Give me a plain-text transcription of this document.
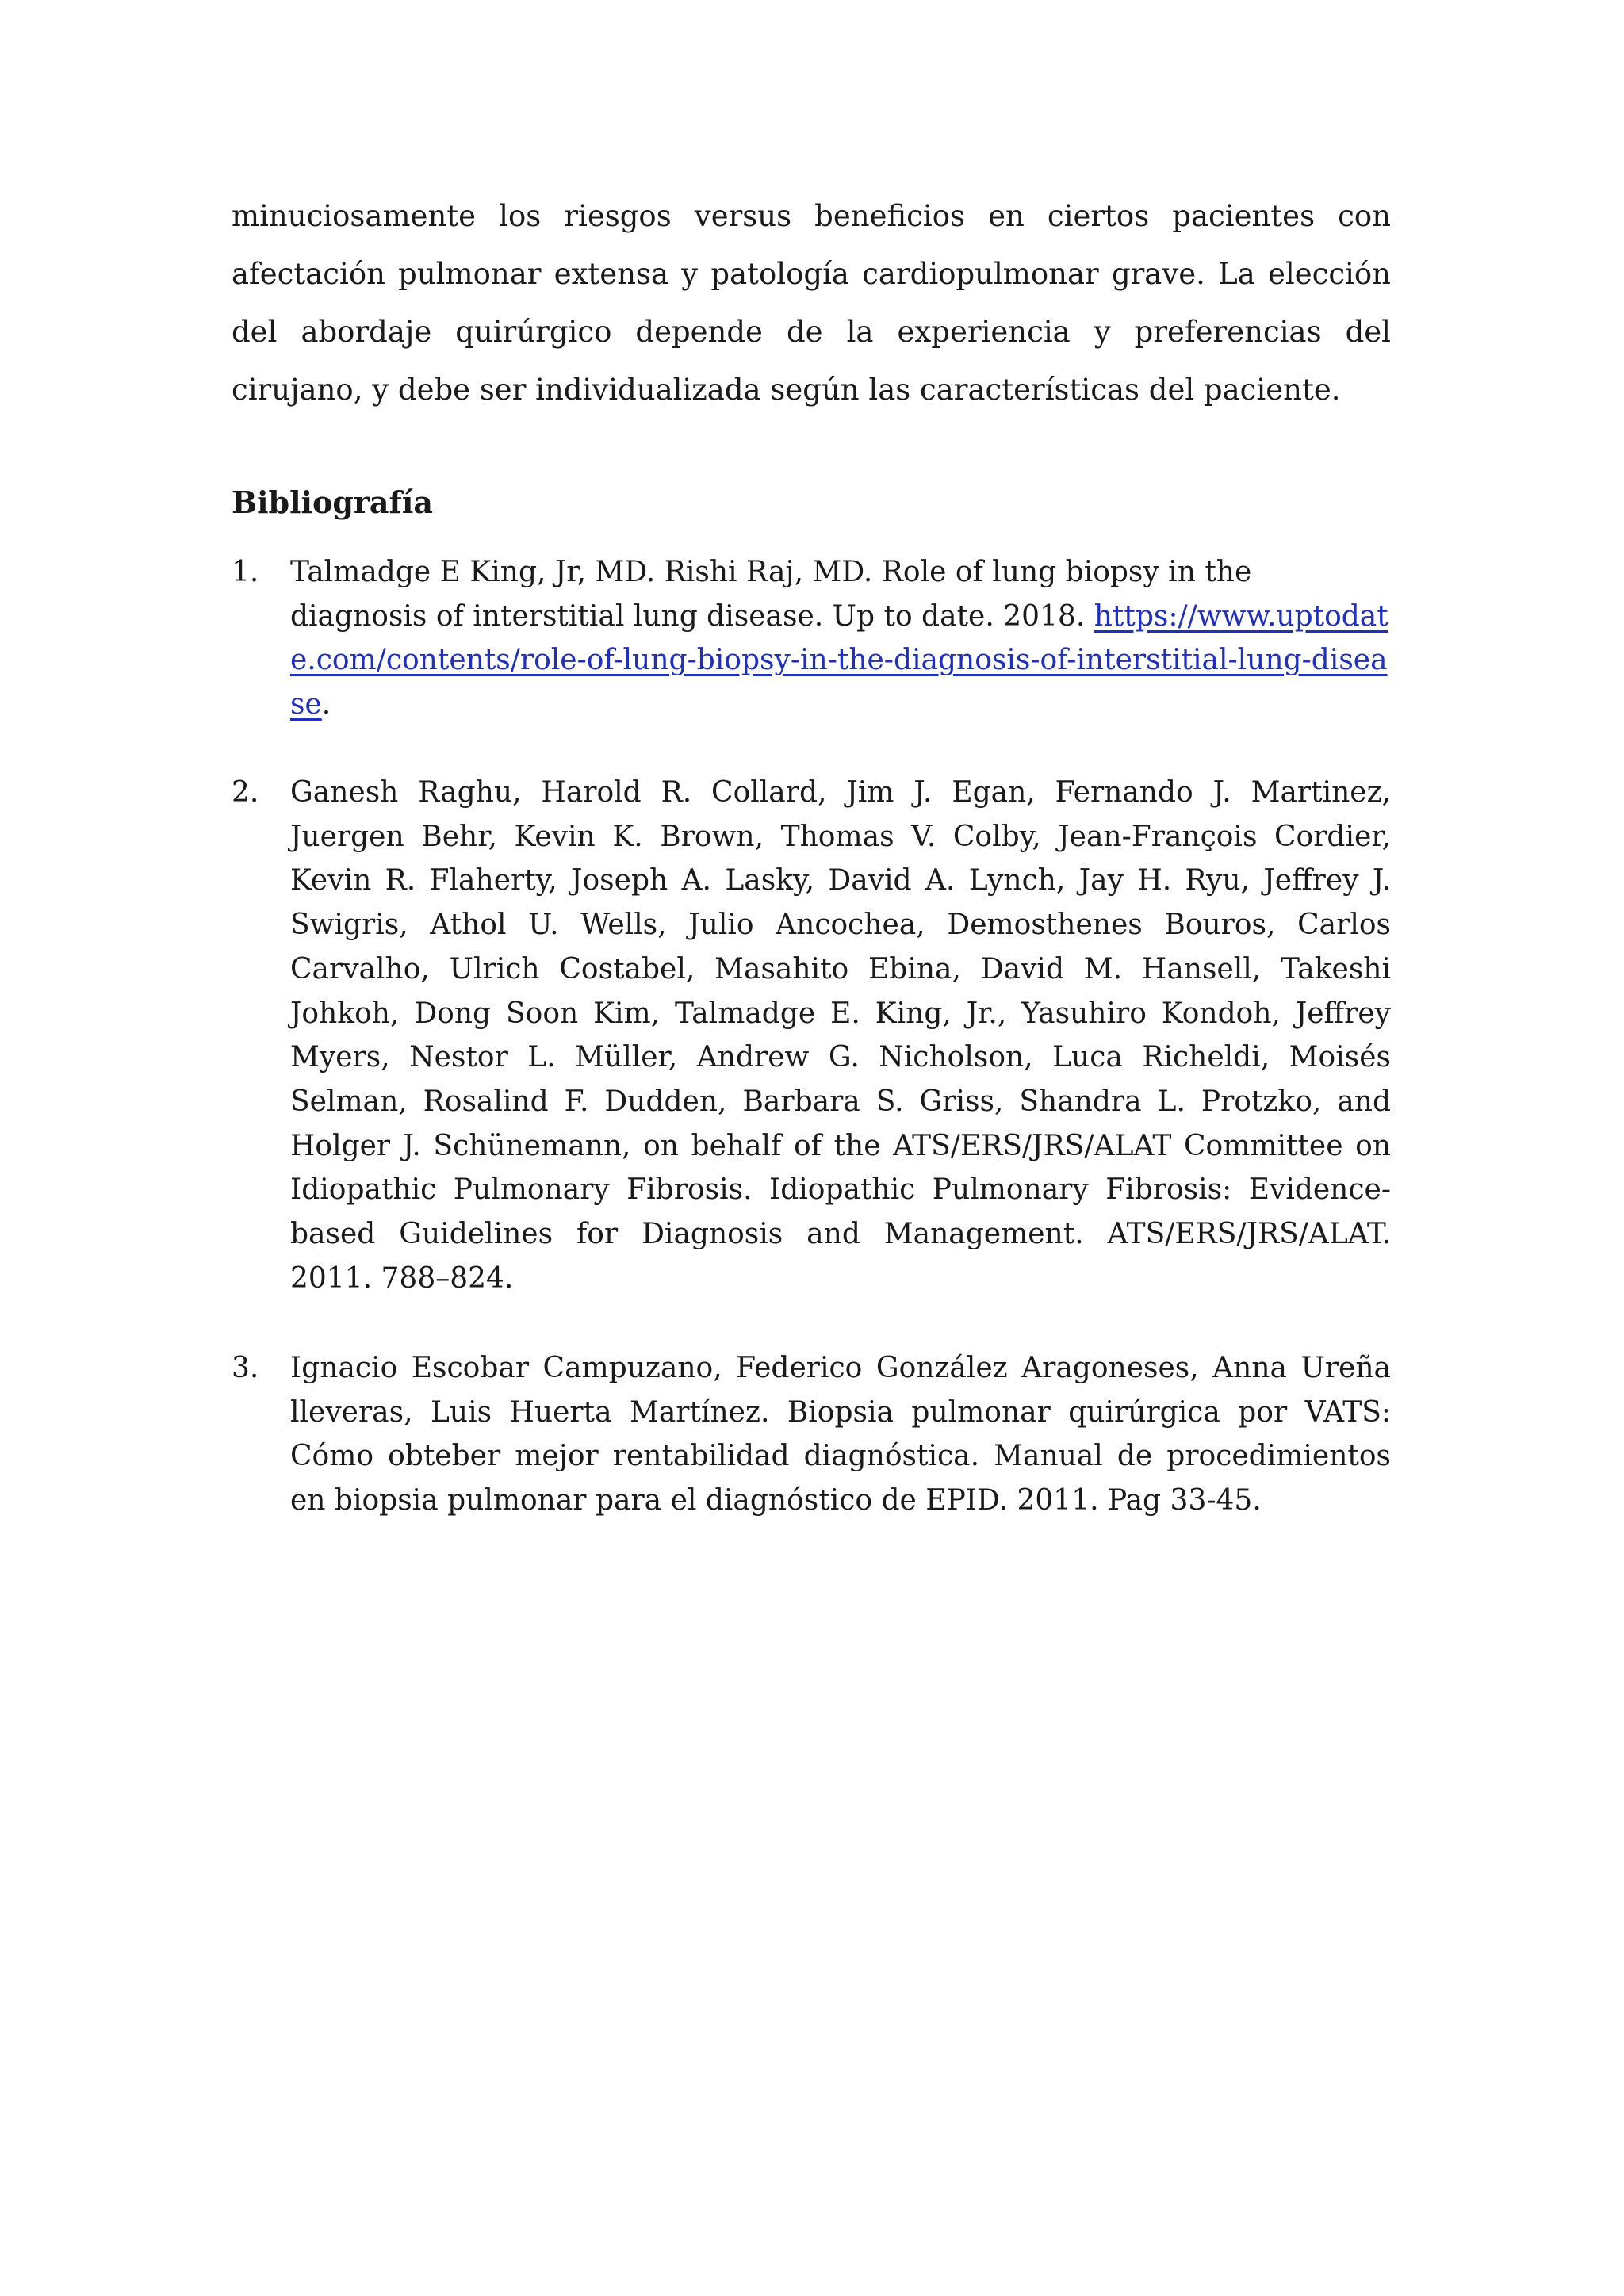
minuciosamente los riesgos versus beneficios en ciertos pacientes con afectación pulmonar extensa y patología cardiopulmonar grave. La elección del abordaje quirúrgico depende de la experiencia y preferencias del cirujano, y debe ser individualizada según las características del paciente.

Bibliografía
1.	Talmadge E King, Jr, MD. Rishi Raj, MD. Role of lung biopsy in the diagnosis of interstitial lung disease. Up to date. 2018. https://www.uptodate.com/contents/role-of-lung-biopsy-in-the-diagnosis-of-interstitial-lung-disease.
2.	Ganesh Raghu, Harold R. Collard, Jim J. Egan, Fernando J. Martinez, Juergen Behr, Kevin K. Brown, Thomas V. Colby, Jean-François Cordier, Kevin R. Flaherty, Joseph A. Lasky, David A. Lynch, Jay H. Ryu, Jeffrey J. Swigris, Athol U. Wells, Julio Ancochea, Demosthenes Bouros, Carlos Carvalho, Ulrich Costabel, Masahito Ebina, David M. Hansell, Takeshi Johkoh, Dong Soon Kim, Talmadge E. King, Jr., Yasuhiro Kondoh, Jeffrey Myers, Nestor L. Müller, Andrew G. Nicholson, Luca Richeldi, Moisés Selman, Rosalind F. Dudden, Barbara S. Griss, Shandra L. Protzko, and Holger J. Schünemann, on behalf of the ATS/ERS/JRS/ALAT Committee on Idiopathic Pulmonary Fibrosis. Idiopathic Pulmonary Fibrosis: Evidence-based Guidelines for Diagnosis and Management. ATS/ERS/JRS/ALAT. 2011. 788–824.
3.	Ignacio Escobar Campuzano, Federico González Aragoneses, Anna Ureña lleveras, Luis Huerta Martínez. Biopsia pulmonar quirúrgica por VATS: Cómo obteber mejor rentabilidad diagnóstica. Manual de procedimientos en biopsia pulmonar para el diagnóstico de EPID. 2011. Pag 33-45.
